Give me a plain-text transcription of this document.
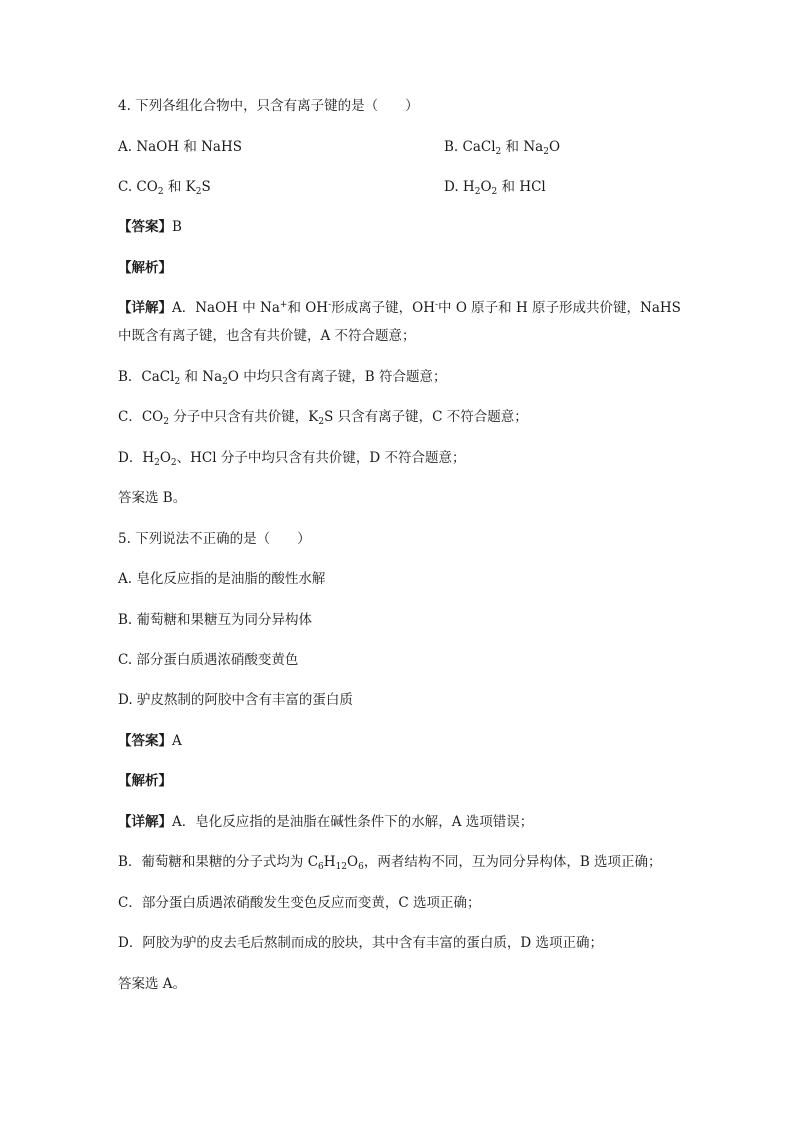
4. 下列各组化合物中，只含有离子键的是（　　）
A. NaOH 和 NaHS	B. CaCl$_2$ 和 $Na_2O$
C. $CO_2$ 和 $K_2S$	D. $H_2O_2$ 和 HCl
【答案】B
【解析】
【详解】A．NaOH 中 Na+和 OH-形成离子键，OH-中 O 原子和 H 原子形成共价键，NaHS
中既含有离子键，也含有共价键，A 不符合题意；
B．CaCl$_2$ 和 $Na_2O$ 中均只含有离子键，B 符合题意；
C．$CO_2$ 分子中只含有共价键，$K_2S$ 只含有离子键，C 不符合题意；
D．$H_2O_2$、HCl 分子中均只含有共价键，D 不符合题意；
答案选 B。
5. 下列说法不正确的是（　　）
A. 皂化反应指的是油脂的酸性水解
B. 葡萄糖和果糖互为同分异构体
C. 部分蛋白质遇浓硝酸变黄色
D. 驴皮熬制的阿胶中含有丰富的蛋白质
【答案】A
【解析】
【详解】A．皂化反应指的是油脂在碱性条件下的水解，A 选项错误；
B．葡萄糖和果糖的分子式均为 $C_6H_{12}O_6$，两者结构不同，互为同分异构体，B 选项正确；
C．部分蛋白质遇浓硝酸发生变色反应而变黄，C 选项正确；
D．阿胶为驴的皮去毛后熬制而成的胶块，其中含有丰富的蛋白质，D 选项正确；
答案选 A。
